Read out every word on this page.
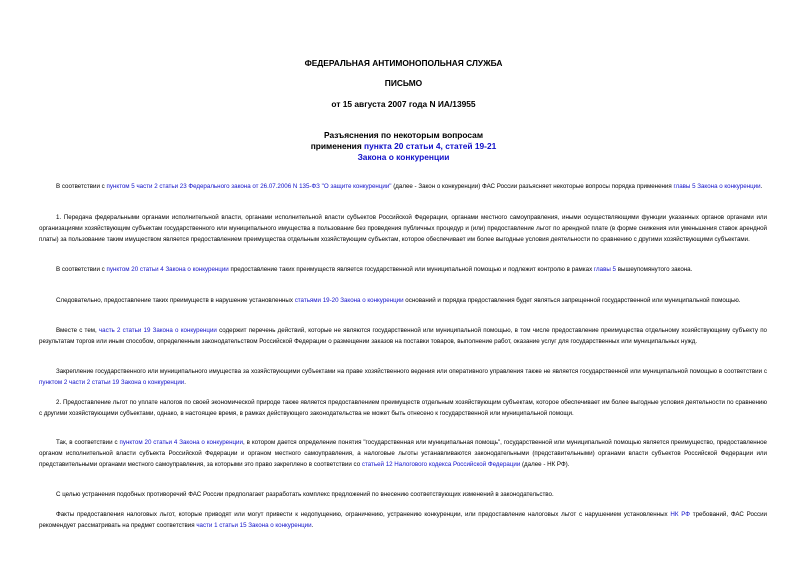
ФЕДЕРАЛЬНАЯ АНТИМОНОПОЛЬНАЯ СЛУЖБА
ПИСЬМО
от 15 августа 2007 года N ИА/13955
Разъяснения по некоторым вопросам
применения пункта 20 статьи 4, статей 19-21
Закона о конкуренции

В соответствии с пунктом 5 части 2 статьи 23 Федерального закона от 26.07.2006 N 135-ФЗ "О защите конкуренции" (далее - Закон о конкуренции) ФАС России разъясняет некоторые вопросы порядка применения главы 5 Закона о конкуренции.

1. Передача федеральными органами исполнительной власти, органами исполнительной власти субъектов Российской Федерации, органами местного самоуправления, иными осуществляющими функции указанных органов органами или организациями хозяйствующим субъектам государственного или муниципального имущества в пользование без проведения публичных процедур и (или) предоставление льгот по арендной плате (в форме снижения или уменьшения ставок арендной платы) за пользование таким имуществом является предоставлением преимущества отдельным хозяйствующим субъектам, которое обеспечивает им более выгодные условия деятельности по сравнению с другими хозяйствующими субъектами.

В соответствии с пунктом 20 статьи 4 Закона о конкуренции предоставление таких преимуществ является государственной или муниципальной помощью и подлежит контролю в рамках главы 5 вышеупомянутого закона.

Следовательно, предоставление таких преимуществ в нарушение установленных статьями 19-20 Закона о конкуренции оснований и порядка предоставления будет являться запрещенной государственной или муниципальной помощью.

Вместе с тем, часть 2 статьи 19 Закона о конкуренции содержит перечень действий, которые не являются государственной или муниципальной помощью, в том числе предоставление преимущества отдельному хозяйствующему субъекту по результатам торгов или иным способом, определенным законодательством Российской Федерации о размещении заказов на поставки товаров, выполнение работ, оказание услуг для государственных или муниципальных нужд.

Закрепление государственного или муниципального имущества за хозяйствующими субъектами на праве хозяйственного ведения или оперативного управления также не является государственной или муниципальной помощью в соответствии с пунктом 2 части 2 статьи 19 Закона о конкуренции.

2. Предоставление льгот по уплате налогов по своей экономической природе также является предоставлением преимуществ отдельным хозяйствующим субъектам, которое обеспечивает им более выгодные условия деятельности по сравнению с другими хозяйствующими субъектами, однако, в настоящее время, в рамках действующего законодательства не может быть отнесено к государственной или муниципальной помощи.

Так, в соответствии с пунктом 20 статьи 4 Закона о конкуренции, в котором дается определение понятия "государственная или муниципальная помощь", государственной или муниципальной помощью является преимущество, предоставленное органом исполнительной власти субъекта Российской Федерации и органом местного самоуправления, а налоговые льготы устанавливаются законодательными (представительными) органами власти субъектов Российской Федерации или представительными органами местного самоуправления, за которыми это право закреплено в соответствии со статьей 12 Налогового кодекса Российской Федерации (далее - НК РФ).

С целью устранения подобных противоречий ФАС России предполагает разработать комплекс предложений по внесению соответствующих изменений в законодательство.

Факты предоставления налоговых льгот, которые приводят или могут привести к недопущению, ограничению, устранению конкуренции, или предоставление налоговых льгот с нарушением установленных НК РФ требований, ФАС России рекомендует рассматривать на предмет соответствия части 1 статьи 15 Закона о конкуренции.
